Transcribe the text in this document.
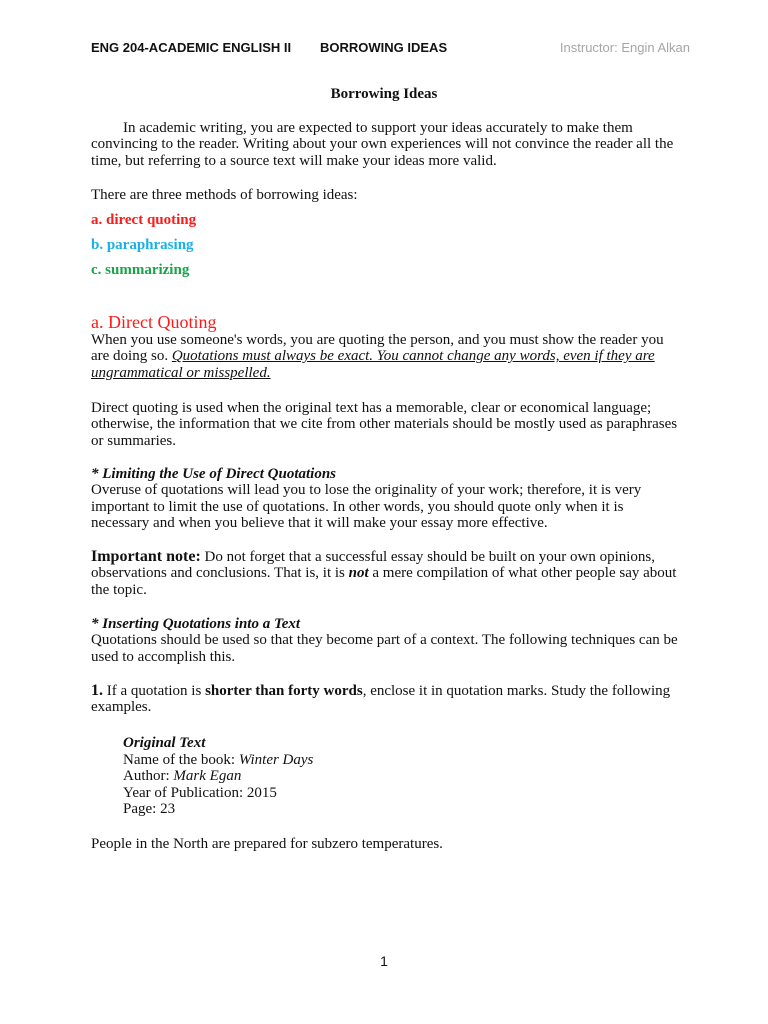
ENG 204-ACADEMIC ENGLISH II BORROWING IDEAS	Instructor: Engin Alkan
Borrowing Ideas

In academic writing, you are expected to support your ideas accurately to make them convincing to the reader. Writing about your own experiences will not convince the reader all the time, but referring to a source text will make your ideas more valid.

There are three methods of borrowing ideas:

a. direct quoting
b. paraphrasing
c. summarizing
a. Direct Quoting

When you use someone's words, you are quoting the person, and you must show the reader you are doing so. Quotations must always be exact. You cannot change any words, even if they are ungrammatical or misspelled.

Direct quoting is used when the original text has a memorable, clear or economical language; otherwise, the information that we cite from other materials should be mostly used as paraphrases or summaries.

* Limiting the Use of Direct Quotations

Overuse of quotations will lead you to lose the originality of your work; therefore, it is very important to limit the use of quotations. In other words, you should quote only when it is necessary and when you believe that it will make your essay more effective.

Important note: Do not forget that a successful essay should be built on your own opinions, observations and conclusions. That is, it is not a mere compilation of what other people say about the topic.

* Inserting Quotations into a Text

Quotations should be used so that they become part of a context. The following techniques can be used to accomplish this.

1. If a quotation is shorter than forty words, enclose it in quotation marks. Study the following examples.

Original Text
Name of the book: Winter Days
Author: Mark Egan
Year of Publication: 2015
Page: 23

People in the North are prepared for subzero temperatures.

1
